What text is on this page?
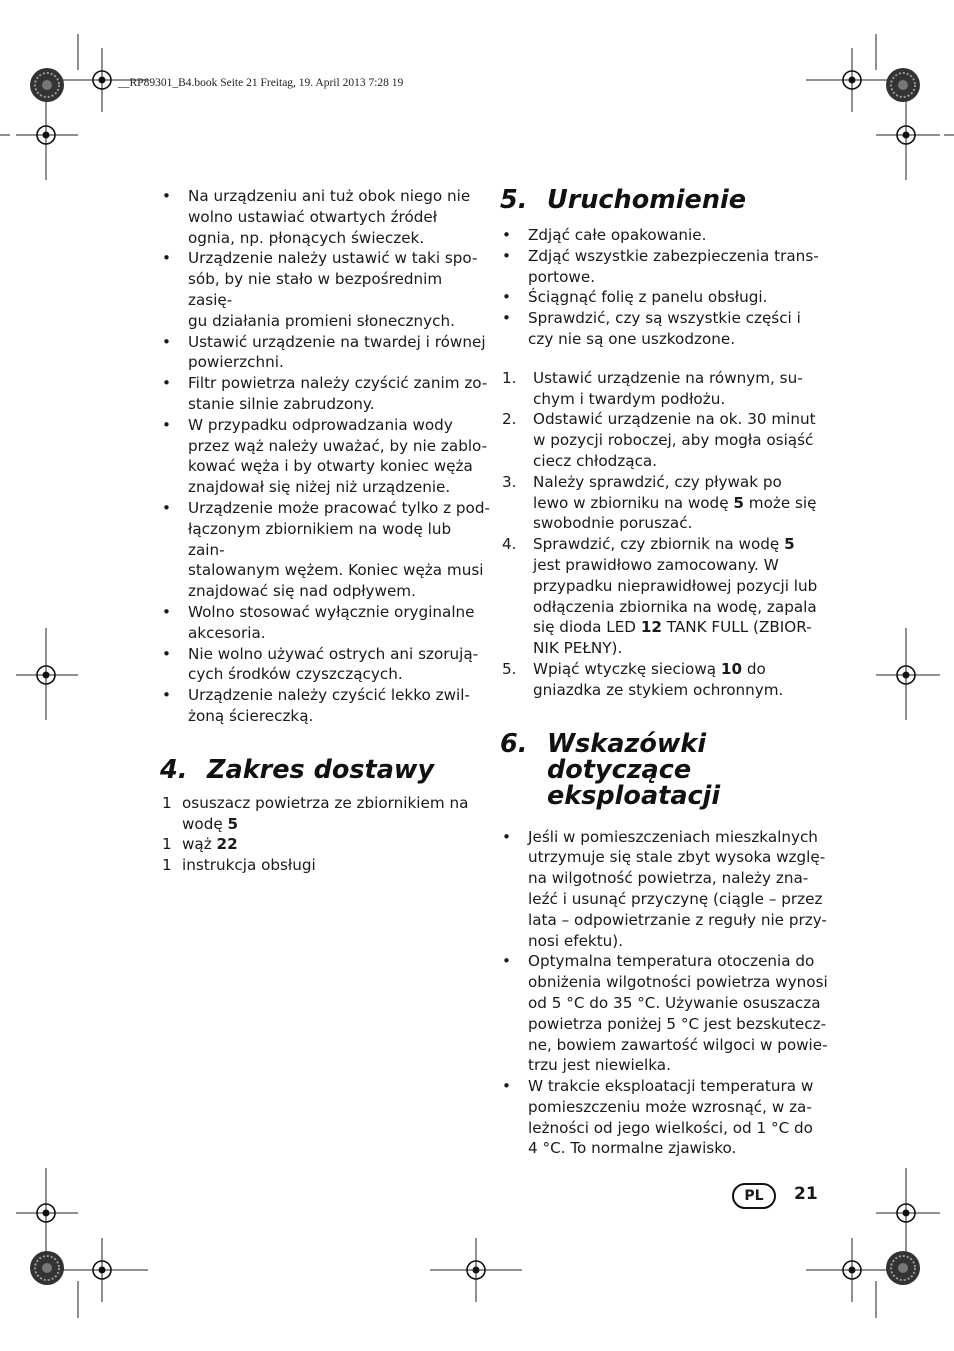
__RP89301_B4.book Seite 21 Freitag, 19. April 2013 7:28 19
• Na urządzeniu ani tuż obok niego nie
wolno ustawiać otwartych źródeł
ognia, np. płonących świeczek.
• Urządzenie należy ustawić w taki spo-
sób, by nie stało w bezpośrednim zasię-
gu działania promieni słonecznych.
• Ustawić urządzenie na twardej i równej
powierzchni.
• Filtr powietrza należy czyścić zanim zo-
stanie silnie zabrudzony.
• W przypadku odprowadzania wody
przez wąż należy uważać, by nie zablo-
kować węża i by otwarty koniec węża
znajdował się niżej niż urządzenie.
• Urządzenie może pracować tylko z pod-
łączonym zbiornikiem na wodę lub zain-
stalowanym wężem. Koniec węża musi
znajdować się nad odpływem.
• Wolno stosować wyłącznie oryginalne
akcesoria.
• Nie wolno używać ostrych ani szorują-
cych środków czyszczących.
• Urządzenie należy czyścić lekko zwil-
żoną ściereczką.
4. Zakres dostawy
1 osuszacz powietrza ze zbiornikiem na
wodę 5
1 wąż 22
1 instrukcja obsługi
5. Uruchomienie
• Zdjąć całe opakowanie.
• Zdjąć wszystkie zabezpieczenia trans-
portowe.
• Ściągnąć folię z panelu obsługi.
• Sprawdzić, czy są wszystkie części i
czy nie są one uszkodzone.
1. Ustawić urządzenie na równym, su-
chym i twardym podłożu.
2. Odstawić urządzenie na ok. 30 minut
w pozycji roboczej, aby mogła osiąść
ciecz chłodząca.
3. Należy sprawdzić, czy pływak po
lewo w zbiorniku na wodę 5 może się
swobodnie poruszać.
4. Sprawdzić, czy zbiornik na wodę 5
jest prawidłowo zamocowany. W
przypadku nieprawidłowej pozycji lub
odłączenia zbiornika na wodę, zapala
się dioda LED 12 TANK FULL (ZBIOR-
NIK PEŁNY).
5. Wpiąć wtyczkę sieciową 10 do
gniazdka ze stykiem ochronnym.
6. Wskazówki
dotyczące
eksploatacji
• Jeśli w pomieszczeniach mieszkalnych
utrzymuje się stale zbyt wysoka wzglę-
na wilgotność powietrza, należy zna-
leźć i usunąć przyczynę (ciągle – przez
lata – odpowietrzanie z reguły nie przy-
nosi efektu).
• Optymalna temperatura otoczenia do
obniżenia wilgotności powietrza wynosi
od 5 °C do 35 °C. Używanie osuszacza
powietrza poniżej 5 °C jest bezskutecz-
ne, bowiem zawartość wilgoci w powie-
trzu jest niewielka.
• W trakcie eksploatacji temperatura w
pomieszczeniu może wzrosnąć, w za-
leżności od jego wielkości, od 1 °C do
4 °C. To normalne zjawisko.
PL	21
